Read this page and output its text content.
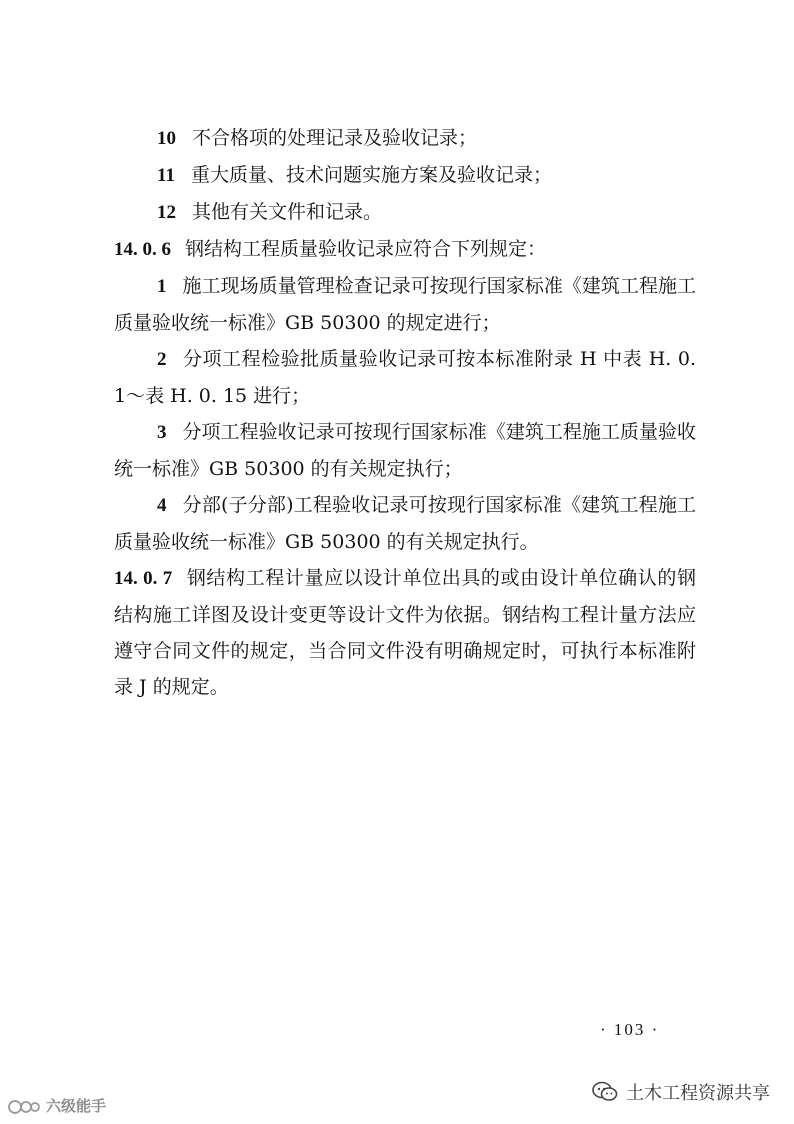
10 不合格项的处理记录及验收记录；

11 重大质量、技术问题实施方案及验收记录；

12 其他有关文件和记录。

14. 0. 6 钢结构工程质量验收记录应符合下列规定：

1 施工现场质量管理检查记录可按现行国家标准《建筑工程施工质量验收统一标准》GB 50300 的规定进行；

2 分项工程检验批质量验收记录可按本标准附录 H 中表 H. 0. 1～表 H. 0. 15 进行；

3 分项工程验收记录可按现行国家标准《建筑工程施工质量验收统一标准》GB 50300 的有关规定执行；

4 分部(子分部)工程验收记录可按现行国家标准《建筑工程施工质量验收统一标准》GB 50300 的有关规定执行。

14. 0. 7 钢结构工程计量应以设计单位出具的或由设计单位确认的钢结构施工详图及设计变更等设计文件为依据。钢结构工程计量方法应遵守合同文件的规定，当合同文件没有明确规定时，可执行本标准附录 J 的规定。

· 103 ·
土木工程资源共享
六级能手
